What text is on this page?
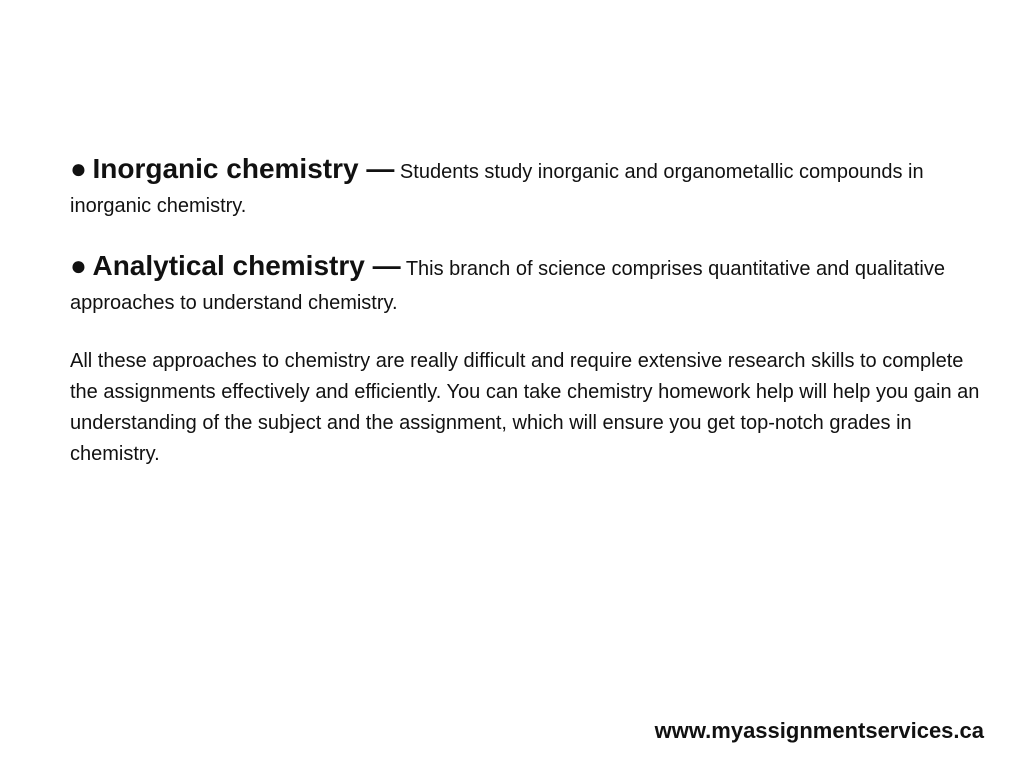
● Inorganic chemistry — Students study inorganic and organometallic compounds in inorganic chemistry.
● Analytical chemistry — This branch of science comprises quantitative and qualitative approaches to understand chemistry.
All these approaches to chemistry are really difficult and require extensive research skills to complete the assignments effectively and efficiently. You can take chemistry homework help will help you gain an understanding of the subject and the assignment, which will ensure you get top-notch grades in chemistry.
www.myassignmentservices.ca
